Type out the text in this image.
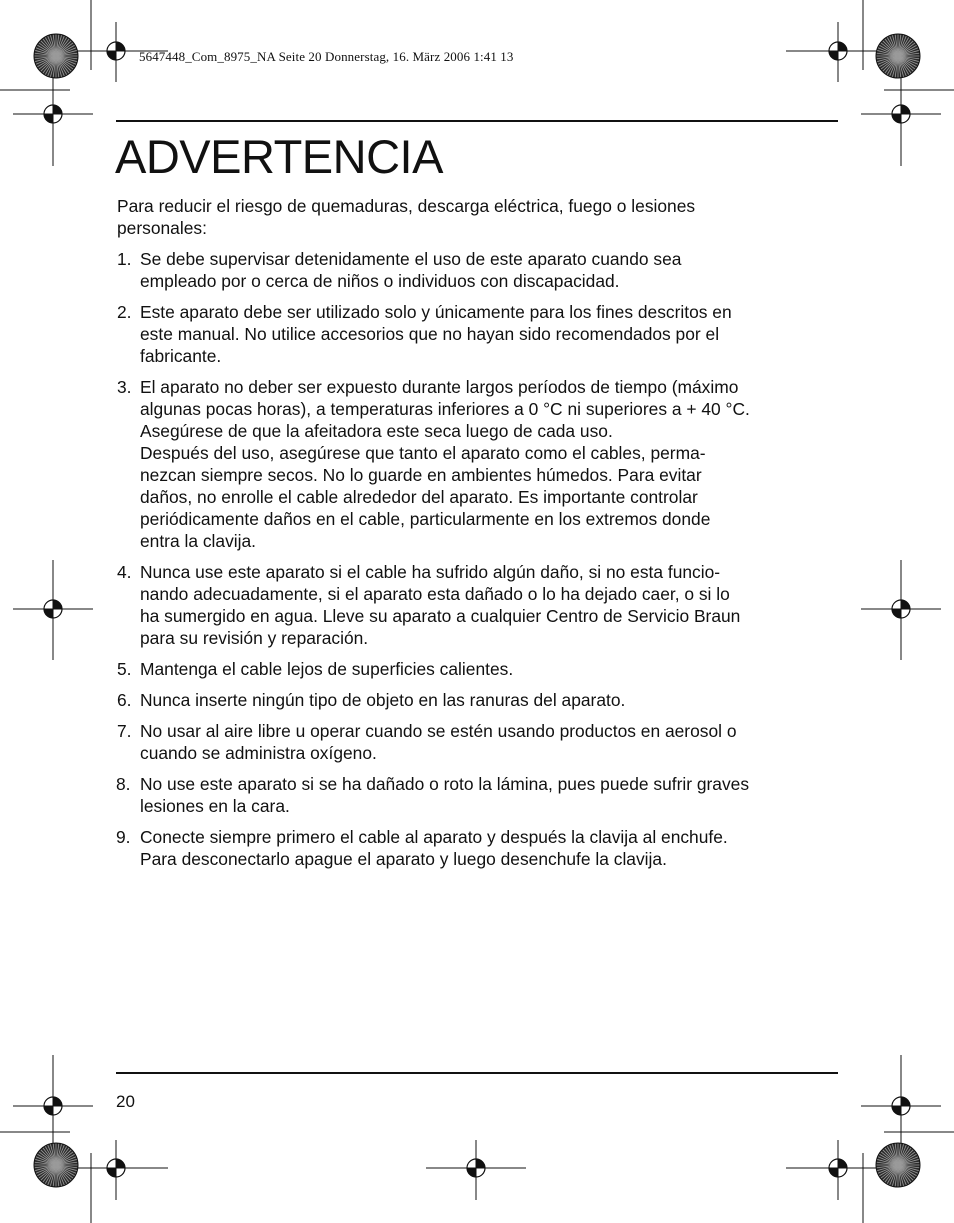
5647448_Com_8975_NA Seite 20 Donnerstag, 16. März 2006 1:41 13
ADVERTENCIA

Para reducir el riesgo de quemaduras, descarga eléctrica, fuego o lesiones
personales:

1. Se debe supervisar detenidamente el uso de este aparato cuando sea
empleado por o cerca de niños o individuos con discapacidad.
2. Este aparato debe ser utilizado solo y únicamente para los fines descritos en
este manual. No utilice accesorios que no hayan sido recomendados por el
fabricante.
3. El aparato no deber ser expuesto durante largos períodos de tiempo (máximo
algunas pocas horas), a temperaturas inferiores a 0 °C ni superiores a + 40 °C.
Asegúrese de que la afeitadora este seca luego de cada uso.
Después del uso, asegúrese que tanto el aparato como el cables, perma-
nezcan siempre secos. No lo guarde en ambientes húmedos. Para evitar
daños, no enrolle el cable alrededor del aparato. Es importante controlar
periódicamente daños en el cable, particularmente en los extremos donde
entra la clavija.
4. Nunca use este aparato si el cable ha sufrido algún daño, si no esta funcio-
nando adecuadamente, si el aparato esta dañado o lo ha dejado caer, o si lo
ha sumergido en agua. Lleve su aparato a cualquier Centro de Servicio Braun
para su revisión y reparación.
5. Mantenga el cable lejos de superficies calientes.
6. Nunca inserte ningún tipo de objeto en las ranuras del aparato.
7. No usar al aire libre u operar cuando se estén usando productos en aerosol o
cuando se administra oxígeno.
8. No use este aparato si se ha dañado o roto la lámina, pues puede sufrir graves
lesiones en la cara.
9. Conecte siempre primero el cable al aparato y después la clavija al enchufe.
Para desconectarlo apague el aparato y luego desenchufe la clavija.
20
